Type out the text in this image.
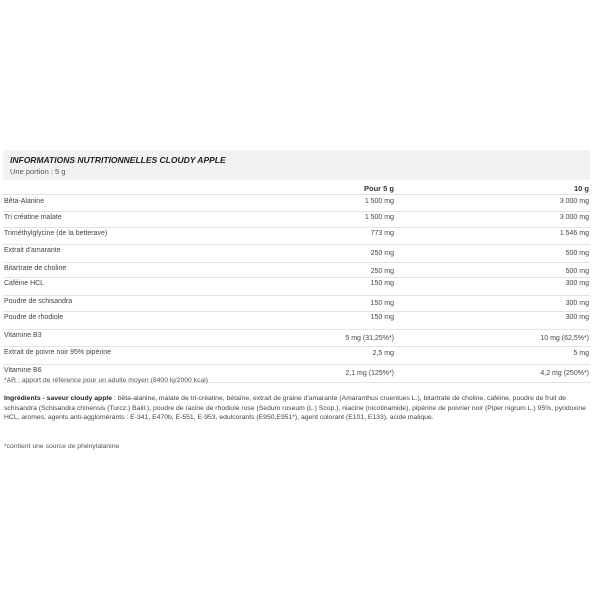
INFORMATIONS NUTRITIONNELLES CLOUDY APPLE
Une portion : 5 g
Pour 5 g	10 g
Bêta-Alanine	1 500 mg	3 000 mg
Tri créatine malate	1 500 mg	3 000 mg
Triméthylglycine (de la betterave)	773 mg	1 546 mg
Extrait d'amarante	250 mg	500 mg
Bitartrate de choline	250 mg	500 mg
Caféine HCL	150 mg	300 mg
Poudre de schisandra	150 mg	300 mg
Poudre de rhodiole	150 mg	300 mg
Vitamine B3	5 mg (31,25%*)	10 mg (62,5%*)
Extrait de poivre noir 95% pipérine	2,5 mg	5 mg
Vitamine B6	2,1 mg (125%*)	4,2 mg (250%*)
*AR : apport de référence pour un adulte moyen (8400 kj/2000 kcal)
Ingrédients - saveur cloudy apple : bêta-alanine, malate de tri-créatine, bétaïne, extrait de graine d'amarante (Amaranthus cruentues L.), bitartrate de choline, caféine, poudre de fruit de schisandra (Schisandra chinensis (Turcz.) Baill.), poudre de racine de rhodiole rose (Sedum roseum (L.) Scop.), niacine (nicotinamide), pipérine de poivrier noir (Piper nigrum L.) 95%, pyridoxine HCL, aromes, agents anti-agglomérants : E-341, E470b, E-551, E-953, edulcorants (E950,E951*), agent colorant (E101, E133), acide malique.
*contient une source de phénylalanine
